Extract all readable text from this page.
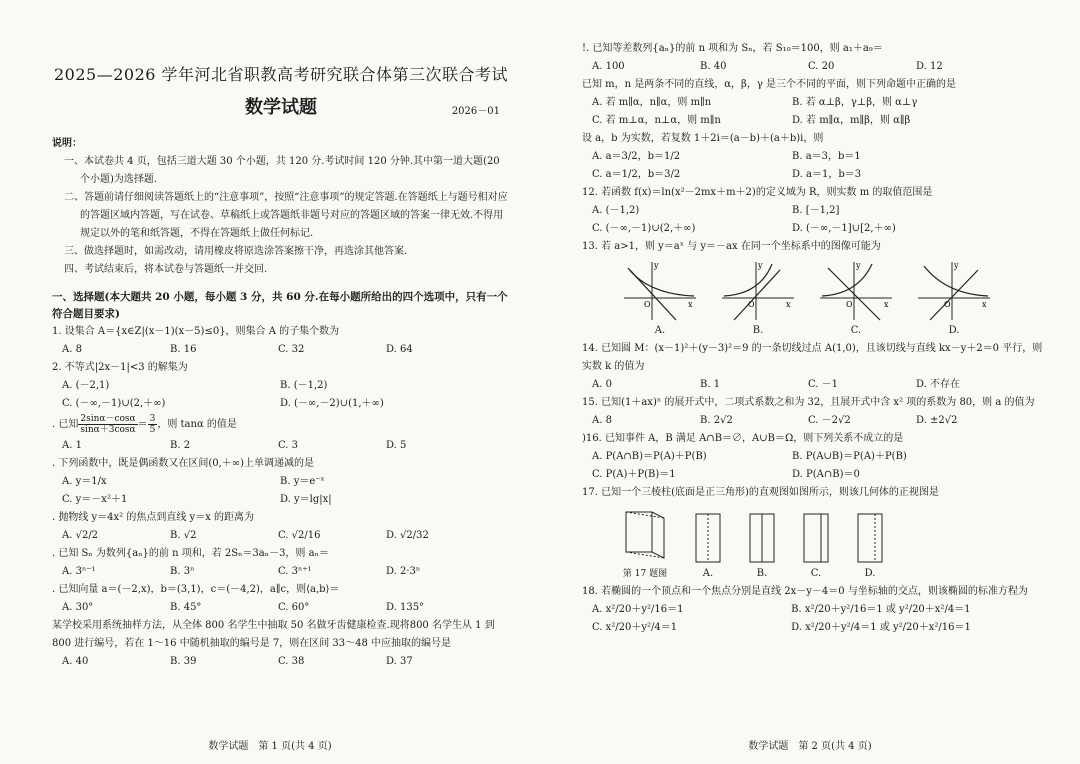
2025—2026 学年河北省职教高考研究联合体第三次联合考试
数学试题	2026－01
说明：
一、本试卷共 4 页，包括三道大题 30 个小题，共 120 分.考试时间 120 分钟.其中第一道大题(20 个小题)为选择题.
二、答题前请仔细阅读答题纸上的“注意事项”，按照“注意事项”的规定答题.在答题纸上与题号相对应的答题区域内答题，写在试卷、草稿纸上或答题纸非题号对应的答题区域的答案一律无效.不得用规定以外的笔和纸答题，不得在答题纸上做任何标记.
三、做选择题时，如需改动，请用橡皮将原选涂答案擦干净，再选涂其他答案.
四、考试结束后，将本试卷与答题纸一并交回.
一、选择题(本大题共 20 小题，每小题 3 分，共 60 分.在每小题所给出的四个选项中，只有一个符合题目要求)
1. 设集合 A＝{x∈Z|(x－1)(x－5)≤0}，则集合 A 的子集个数为
A. 8	B. 16	C. 32	D. 64
2. 不等式|2x－1|<3 的解集为
A. (－2,1)	B. (－1,2)
C. (－∞,－1)∪(2,＋∞)	D. (－∞,－2)∪(1,＋∞)
. 已知 $\frac{2\sin\alpha-\cos\alpha}{\sin\alpha+3\cos\alpha} = \frac{3}{5}$ ，则 tanα 的值是
A. 1	B. 2	C. 3	D. 5
. 下列函数中，既是偶函数又在区间(0,＋∞)上单调递减的是
A. y＝1/x	B. y＝e⁻ˣ
C. y＝－x²＋1	D. y＝lg|x|
. 抛物线 y＝4x² 的焦点到直线 y＝x 的距离为
A. √2/2	B. √2	C. √2/16	D. √2/32
. 已知 Sₙ 为数列{aₙ}的前 n 项和，若 2Sₙ＝3aₙ－3，则 aₙ＝
A. 3ⁿ⁻¹	B. 3ⁿ	C. 3ⁿ⁺¹	D. 2·3ⁿ
. 已知向量 a＝(－2,x)，b＝(3,1)，c＝(－4,2)，a∥c，则⟨a,b⟩＝
A. 30°	B. 45°	C. 60°	D. 135°
某学校采用系统抽样方法，从全体 800 名学生中抽取 50 名做牙齿健康检查.现将800 名学生从 1 到 800 进行编号，若在 1～16 中随机抽取的编号是 7，则在区间 33～48 中应抽取的编号是
A. 40	B. 39	C. 38	D. 37
数学试题　第 1 页(共 4 页)
!. 已知等差数列{aₙ}的前 n 项和为 Sₙ，若 S₁₀＝100，则 a₁＋a₉＝
A. 100	B. 40	C. 20	D. 12
已知 m，n 是两条不同的直线，α，β，γ 是三个不同的平面，则下列命题中正确的是
A. 若 m∥α，n∥α，则 m∥n	B. 若 α⊥β，γ⊥β，则 α⊥γ
C. 若 m⊥α，n⊥α，则 m∥n	D. 若 m∥α，m∥β，则 α∥β
设 a，b 为实数，若复数 1＋2i＝(a－b)＋(a＋b)i，则
A. a＝3/2，b＝1/2	B. a＝3，b＝1
C. a＝1/2，b＝3/2	D. a＝1，b＝3
12. 若函数 f(x)＝ln(x²－2mx＋m＋2)的定义域为 R，则实数 m 的取值范围是
A. (－1,2)	B. [－1,2]
C. (－∞,－1)∪(2,＋∞)	D. (－∞,－1]∪[2,＋∞)
13. 若 a>1，则 y＝aˣ 与 y＝－ax 在同一个坐标系中的图像可能为
O	x
y
A.
O	x
y
B.
O	x
y
C.
O	x
y
D.
14. 已知圆 M：(x－1)²＋(y－3)²＝9 的一条切线过点 A(1,0)，且该切线与直线 kx－y＋2＝0 平行，则实数 k 的值为
A. 0	B. 1	C. －1	D. 不存在
15. 已知(1＋ax)ⁿ 的展开式中，二项式系数之和为 32，且展开式中含 x² 项的系数为 80，则 a 的值为
A. 8	B. 2√2	C. －2√2	D. ±2√2
)16. 已知事件 A，B 满足 A∩B＝∅，A∪B＝Ω，则下列关系不成立的是
A. P(A∩B)＝P(A)＋P(B)	B. P(A∪B)＝P(A)＋P(B)
C. P(A)＋P(B)＝1	D. P(A∩B)＝0
17. 已知一个三棱柱(底面是正三角形)的直观图如图所示，则该几何体的正视图是
第 17 题图	A.	B.	C.	D.
18. 若椭圆的一个顶点和一个焦点分别是直线 2x－y－4＝0 与坐标轴的交点，则该椭圆的标准方程为
A. x²/20＋y²/16＝1	B. x²/20＋y²/16＝1 或 y²/20＋x²/4＝1
C. x²/20＋y²/4＝1	D. x²/20＋y²/4＝1 或 y²/20＋x²/16＝1
数学试题　第 2 页(共 4 页)
